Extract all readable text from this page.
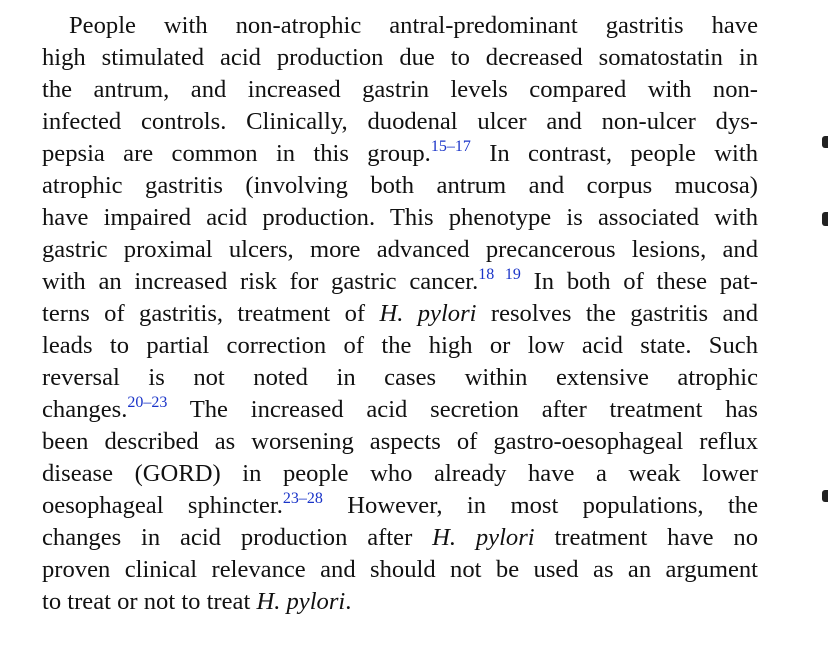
People with non-atrophic antral-predominant gastritis have
high stimulated acid production due to decreased somatostatin in
the antrum, and increased gastrin levels compared with non-
infected controls. Clinically, duodenal ulcer and non-ulcer dys-
pepsia are common in this group.$^{15-17}$ In contrast, people with
atrophic gastritis (involving both antrum and corpus mucosa)
have impaired acid production. This phenotype is associated with
gastric proximal ulcers, more advanced precancerous lesions, and
with an increased risk for gastric cancer.$^{18 19}$ In both of these pat-
terns of gastritis, treatment of H. pylori resolves the gastritis and
leads to partial correction of the high or low acid state. Such
reversal is not noted in cases within extensive atrophic
changes.$^{20-23}$ The increased acid secretion after treatment has
been described as worsening aspects of gastro-oesophageal reflux
disease (GORD) in people who already have a weak lower
oesophageal sphincter.$^{23-28}$ However, in most populations, the
changes in acid production after H. pylori treatment have no
proven clinical relevance and should not be used as an argument
to treat or not to treat H. pylori.
